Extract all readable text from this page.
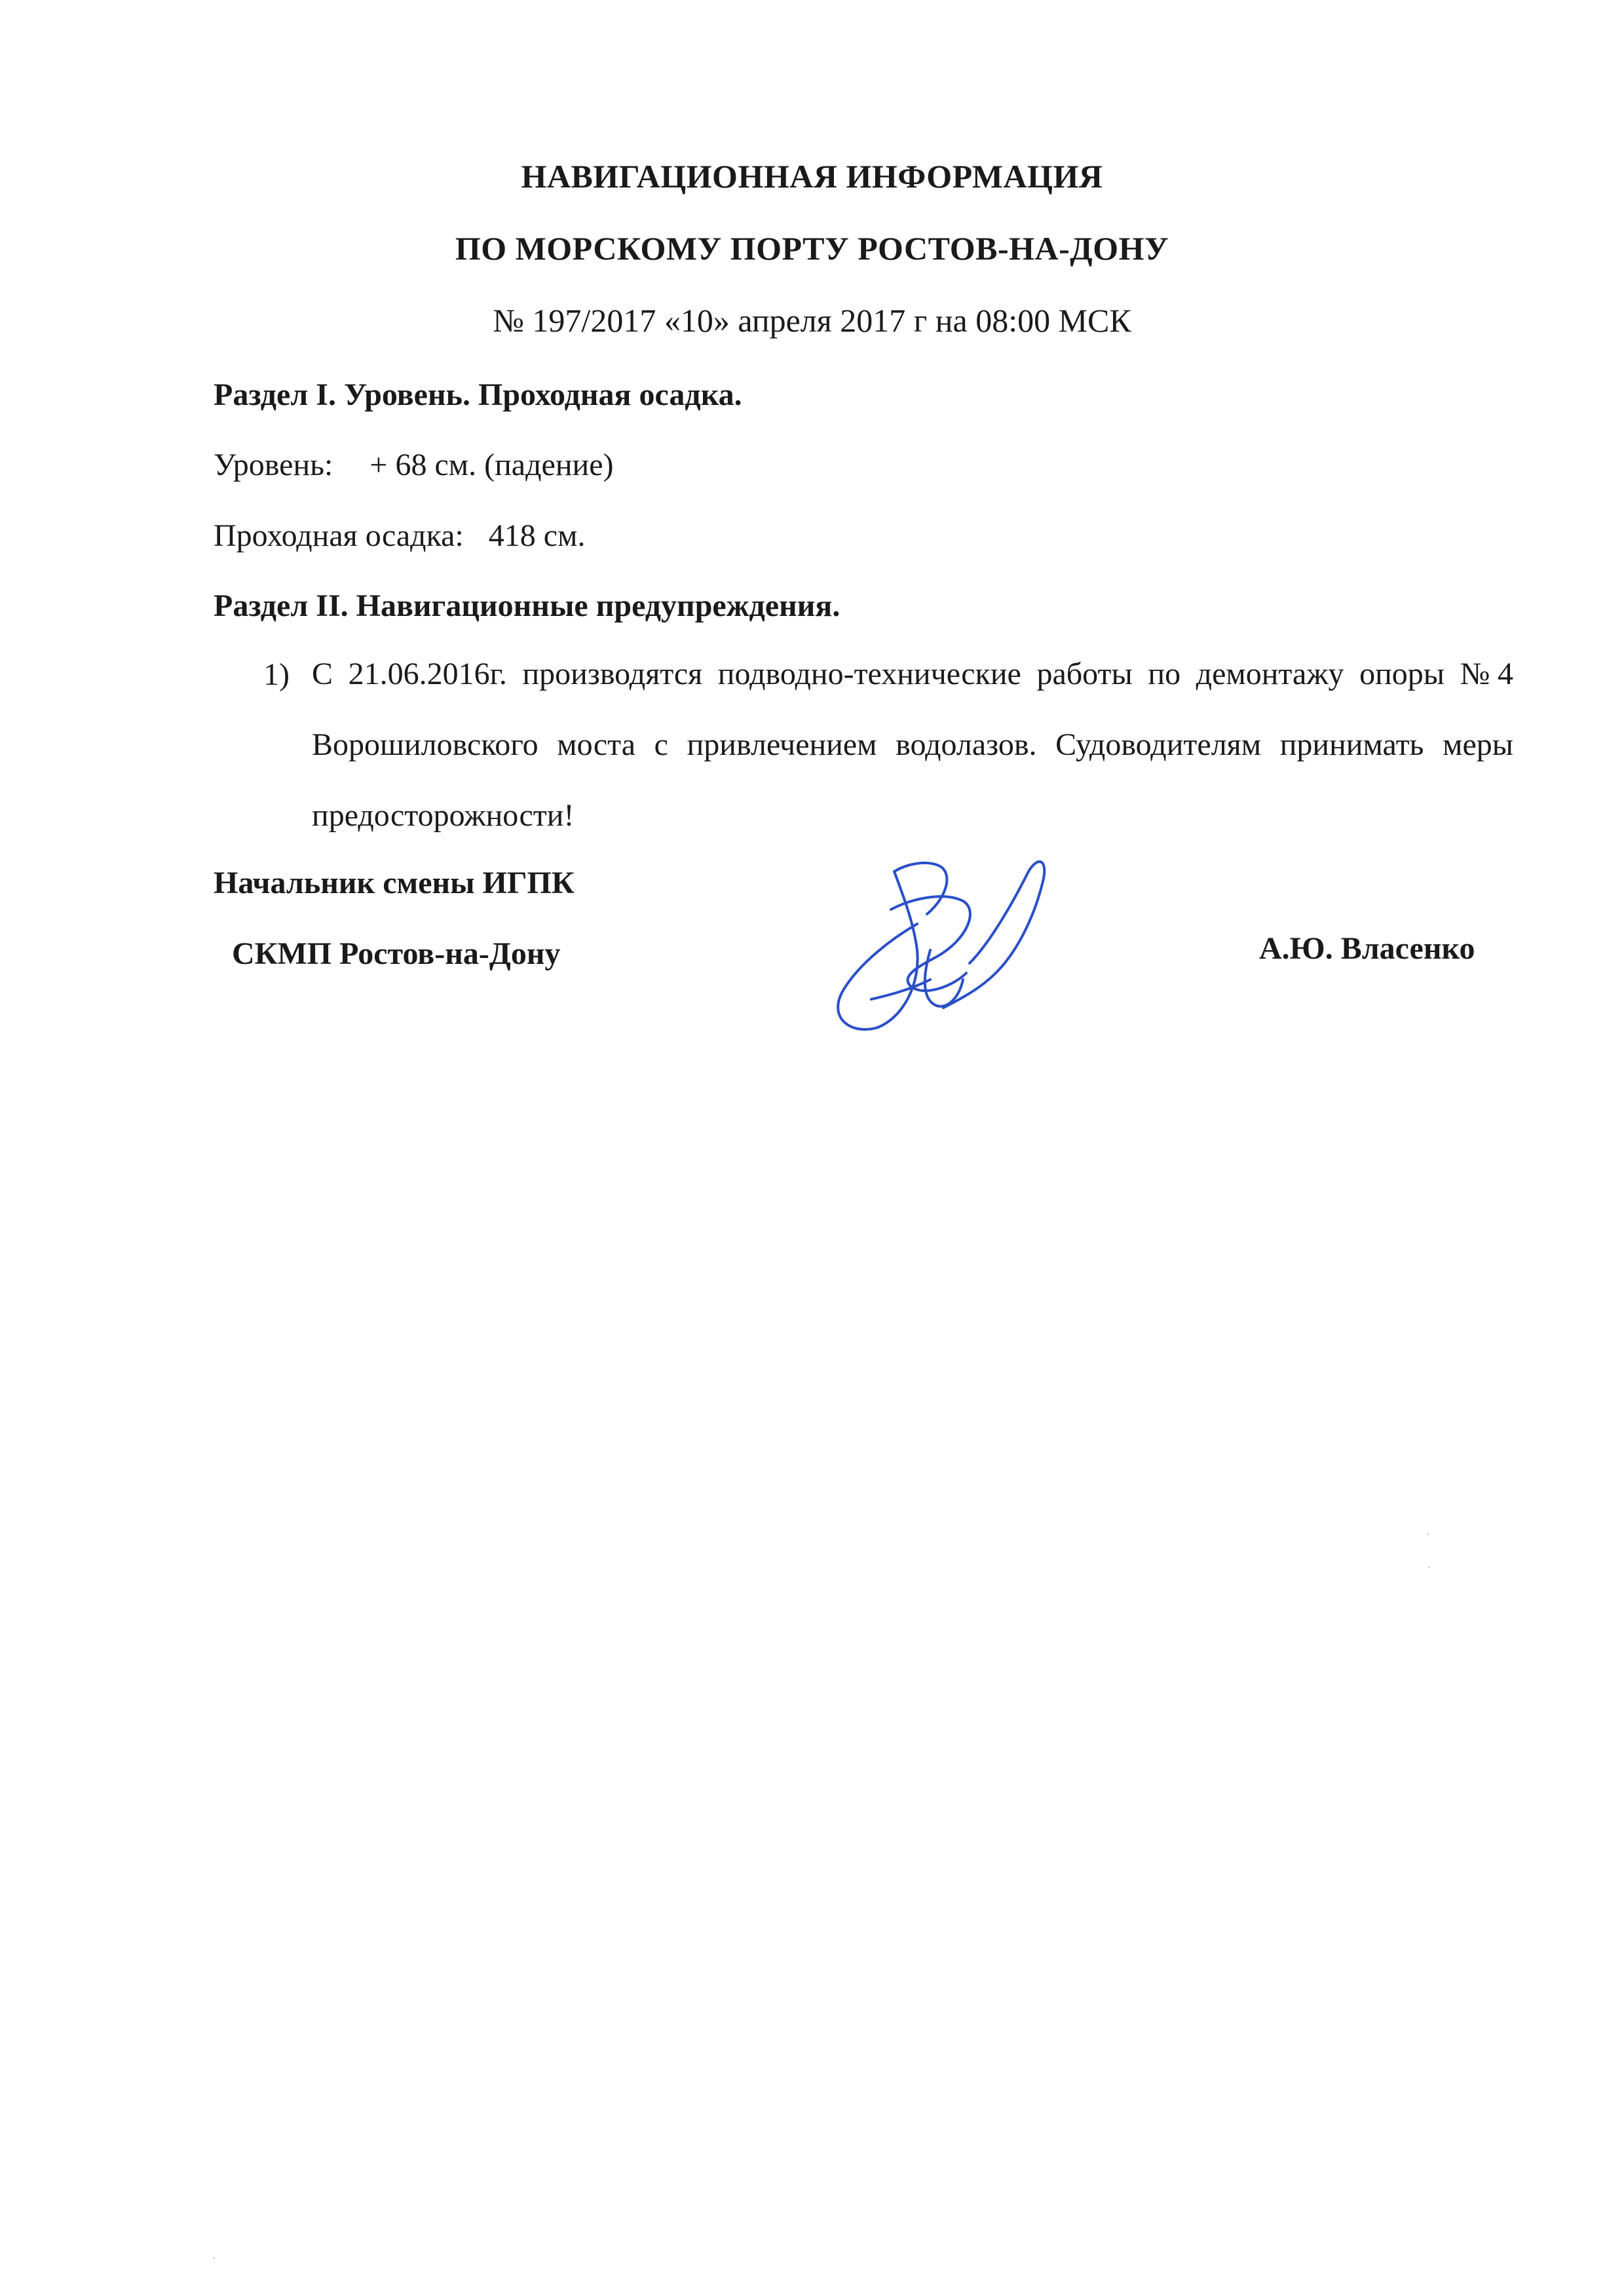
НАВИГАЦИОННАЯ ИНФОРМАЦИЯ
ПО МОРСКОМУ ПОРТУ РОСТОВ-НА-ДОНУ
№ 197/2017 «10» апреля 2017 г на 08:00 МСК
Раздел I. Уровень. Проходная осадка.
Уровень: + 68 см. (падение)
Проходная осадка: 418 см.
Раздел II. Навигационные предупреждения.
1) С 21.06.2016г. производятся подводно-технические работы по демонтажу опоры №4 Ворошиловского моста с привлечением водолазов. Судоводителям принимать меры предосторожности!
Начальник смены ИГПК
СКМП Ростов-на-Дону	А.Ю. Власенко
